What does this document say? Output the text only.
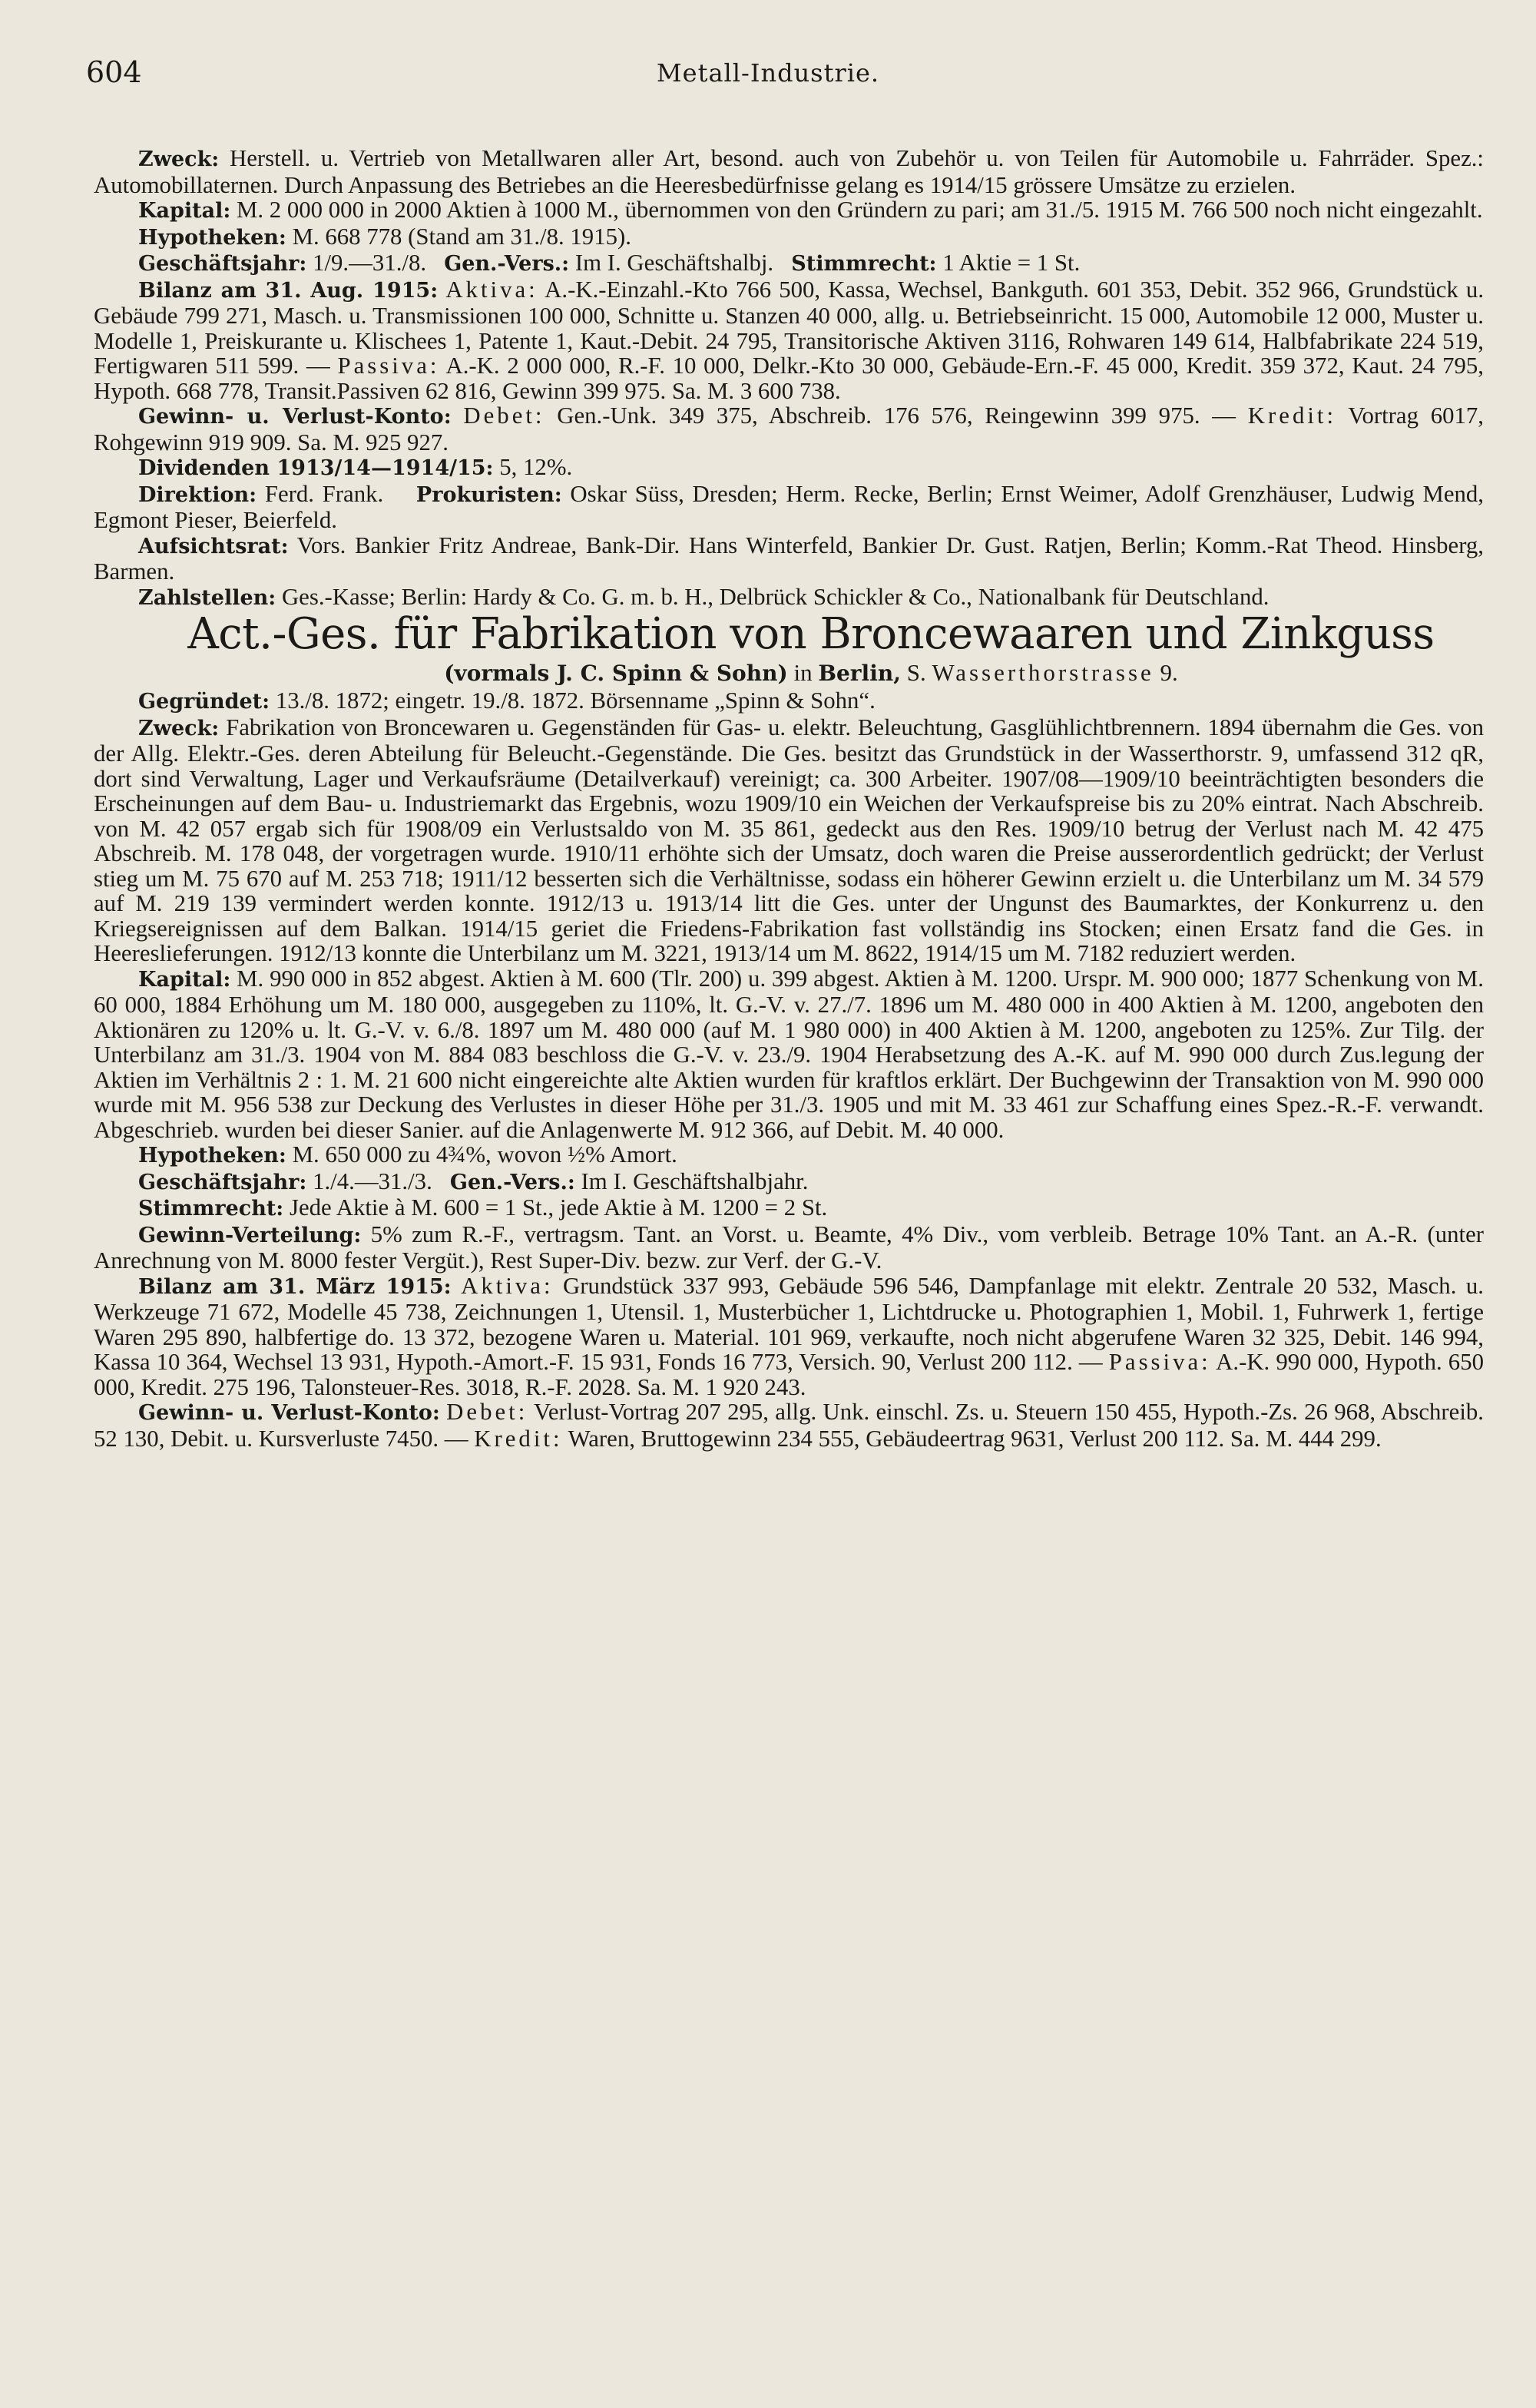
604	Metall-Industrie.

Zweck: Herstell. u. Vertrieb von Metallwaren aller Art, besond. auch von Zubehör u. von Teilen für Automobile u. Fahrräder. Spez.: Automobillaternen. Durch Anpassung des Betriebes an die Heeresbedürfnisse gelang es 1914/15 grössere Umsätze zu erzielen.

Kapital: M. 2 000 000 in 2000 Aktien à 1000 M., übernommen von den Gründern zu pari; am 31./5. 1915 M. 766 500 noch nicht eingezahlt.

Hypotheken: M. 668 778 (Stand am 31./8. 1915).

Geschäftsjahr: 1/9.—31./8. Gen.-Vers.: Im I. Geschäftshalbj. Stimmrecht: 1 Aktie = 1 St.

Bilanz am 31. Aug. 1915: Aktiva: A.-K.-Einzahl.-Kto 766 500, Kassa, Wechsel, Bankguth. 601 353, Debit. 352 966, Grundstück u. Gebäude 799 271, Masch. u. Transmissionen 100 000, Schnitte u. Stanzen 40 000, allg. u. Betriebseinricht. 15 000, Automobile 12 000, Muster u. Modelle 1, Preiskurante u. Klischees 1, Patente 1, Kaut.-Debit. 24 795, Transitorische Aktiven 3116, Rohwaren 149 614, Halbfabrikate 224 519, Fertigwaren 511 599. — Passiva: A.-K. 2 000 000, R.-F. 10 000, Delkr.-Kto 30 000, Gebäude-Ern.-F. 45 000, Kredit. 359 372, Kaut. 24 795, Hypoth. 668 778, Transit.Passiven 62 816, Gewinn 399 975. Sa. M. 3 600 738.

Gewinn- u. Verlust-Konto: Debet: Gen.-Unk. 349 375, Abschreib. 176 576, Reingewinn 399 975. — Kredit: Vortrag 6017, Rohgewinn 919 909. Sa. M. 925 927.

Dividenden 1913/14—1914/15: 5, 12%.

Direktion: Ferd. Frank. Prokuristen: Oskar Süss, Dresden; Herm. Recke, Berlin; Ernst Weimer, Adolf Grenzhäuser, Ludwig Mend, Egmont Pieser, Beierfeld.

Aufsichtsrat: Vors. Bankier Fritz Andreae, Bank-Dir. Hans Winterfeld, Bankier Dr. Gust. Ratjen, Berlin; Komm.-Rat Theod. Hinsberg, Barmen.

Zahlstellen: Ges.-Kasse; Berlin: Hardy & Co. G. m. b. H., Delbrück Schickler & Co., Nationalbank für Deutschland.

Act.-Ges. für Fabrikation von Broncewaaren und Zinkguss

(vormals J. C. Spinn & Sohn) in Berlin, S. Wasserthorstrasse 9.

Gegründet: 13./8. 1872; eingetr. 19./8. 1872. Börsenname „Spinn & Sohn“.

Zweck: Fabrikation von Broncewaren u. Gegenständen für Gas- u. elektr. Beleuchtung, Gasglühlichtbrennern. 1894 übernahm die Ges. von der Allg. Elektr.-Ges. deren Abteilung für Beleucht.-Gegenstände. Die Ges. besitzt das Grundstück in der Wasserthorstr. 9, umfassend 312 qR, dort sind Verwaltung, Lager und Verkaufsräume (Detailverkauf) vereinigt; ca. 300 Arbeiter. 1907/08—1909/10 beeinträchtigten besonders die Erscheinungen auf dem Bau- u. Industriemarkt das Ergebnis, wozu 1909/10 ein Weichen der Verkaufspreise bis zu 20% eintrat. Nach Abschreib. von M. 42 057 ergab sich für 1908/09 ein Verlustsaldo von M. 35 861, gedeckt aus den Res. 1909/10 betrug der Verlust nach M. 42 475 Abschreib. M. 178 048, der vorgetragen wurde. 1910/11 erhöhte sich der Umsatz, doch waren die Preise ausserordentlich gedrückt; der Verlust stieg um M. 75 670 auf M. 253 718; 1911/12 besserten sich die Verhältnisse, sodass ein höherer Gewinn erzielt u. die Unterbilanz um M. 34 579 auf M. 219 139 vermindert werden konnte. 1912/13 u. 1913/14 litt die Ges. unter der Ungunst des Baumarktes, der Konkurrenz u. den Kriegsereignissen auf dem Balkan. 1914/15 geriet die Friedens-Fabrikation fast vollständig ins Stocken; einen Ersatz fand die Ges. in Heereslieferungen. 1912/13 konnte die Unterbilanz um M. 3221, 1913/14 um M. 8622, 1914/15 um M. 7182 reduziert werden.

Kapital: M. 990 000 in 852 abgest. Aktien à M. 600 (Tlr. 200) u. 399 abgest. Aktien à M. 1200. Urspr. M. 900 000; 1877 Schenkung von M. 60 000, 1884 Erhöhung um M. 180 000, ausgegeben zu 110%, lt. G.-V. v. 27./7. 1896 um M. 480 000 in 400 Aktien à M. 1200, angeboten den Aktionären zu 120% u. lt. G.-V. v. 6./8. 1897 um M. 480 000 (auf M. 1 980 000) in 400 Aktien à M. 1200, angeboten zu 125%. Zur Tilg. der Unterbilanz am 31./3. 1904 von M. 884 083 beschloss die G.-V. v. 23./9. 1904 Herabsetzung des A.-K. auf M. 990 000 durch Zus.legung der Aktien im Verhältnis 2 : 1. M. 21 600 nicht eingereichte alte Aktien wurden für kraftlos erklärt. Der Buchgewinn der Transaktion von M. 990 000 wurde mit M. 956 538 zur Deckung des Verlustes in dieser Höhe per 31./3. 1905 und mit M. 33 461 zur Schaffung eines Spez.-R.-F. verwandt. Abgeschrieb. wurden bei dieser Sanier. auf die Anlagenwerte M. 912 366, auf Debit. M. 40 000.

Hypotheken: M. 650 000 zu 4¾%, wovon ½% Amort.

Geschäftsjahr: 1./4.—31./3. Gen.-Vers.: Im I. Geschäftshalbjahr.

Stimmrecht: Jede Aktie à M. 600 = 1 St., jede Aktie à M. 1200 = 2 St.

Gewinn-Verteilung: 5% zum R.-F., vertragsm. Tant. an Vorst. u. Beamte, 4% Div., vom verbleib. Betrage 10% Tant. an A.-R. (unter Anrechnung von M. 8000 fester Vergüt.), Rest Super-Div. bezw. zur Verf. der G.-V.

Bilanz am 31. März 1915: Aktiva: Grundstück 337 993, Gebäude 596 546, Dampfanlage mit elektr. Zentrale 20 532, Masch. u. Werkzeuge 71 672, Modelle 45 738, Zeichnungen 1, Utensil. 1, Musterbücher 1, Lichtdrucke u. Photographien 1, Mobil. 1, Fuhrwerk 1, fertige Waren 295 890, halbfertige do. 13 372, bezogene Waren u. Material. 101 969, verkaufte, noch nicht abgerufene Waren 32 325, Debit. 146 994, Kassa 10 364, Wechsel 13 931, Hypoth.-Amort.-F. 15 931, Fonds 16 773, Versich. 90, Verlust 200 112. — Passiva: A.-K. 990 000, Hypoth. 650 000, Kredit. 275 196, Talonsteuer-Res. 3018, R.-F. 2028. Sa. M. 1 920 243.

Gewinn- u. Verlust-Konto: Debet: Verlust-Vortrag 207 295, allg. Unk. einschl. Zs. u. Steuern 150 455, Hypoth.-Zs. 26 968, Abschreib. 52 130, Debit. u. Kursverluste 7450. — Kredit: Waren, Bruttogewinn 234 555, Gebäudeertrag 9631, Verlust 200 112. Sa. M. 444 299.
